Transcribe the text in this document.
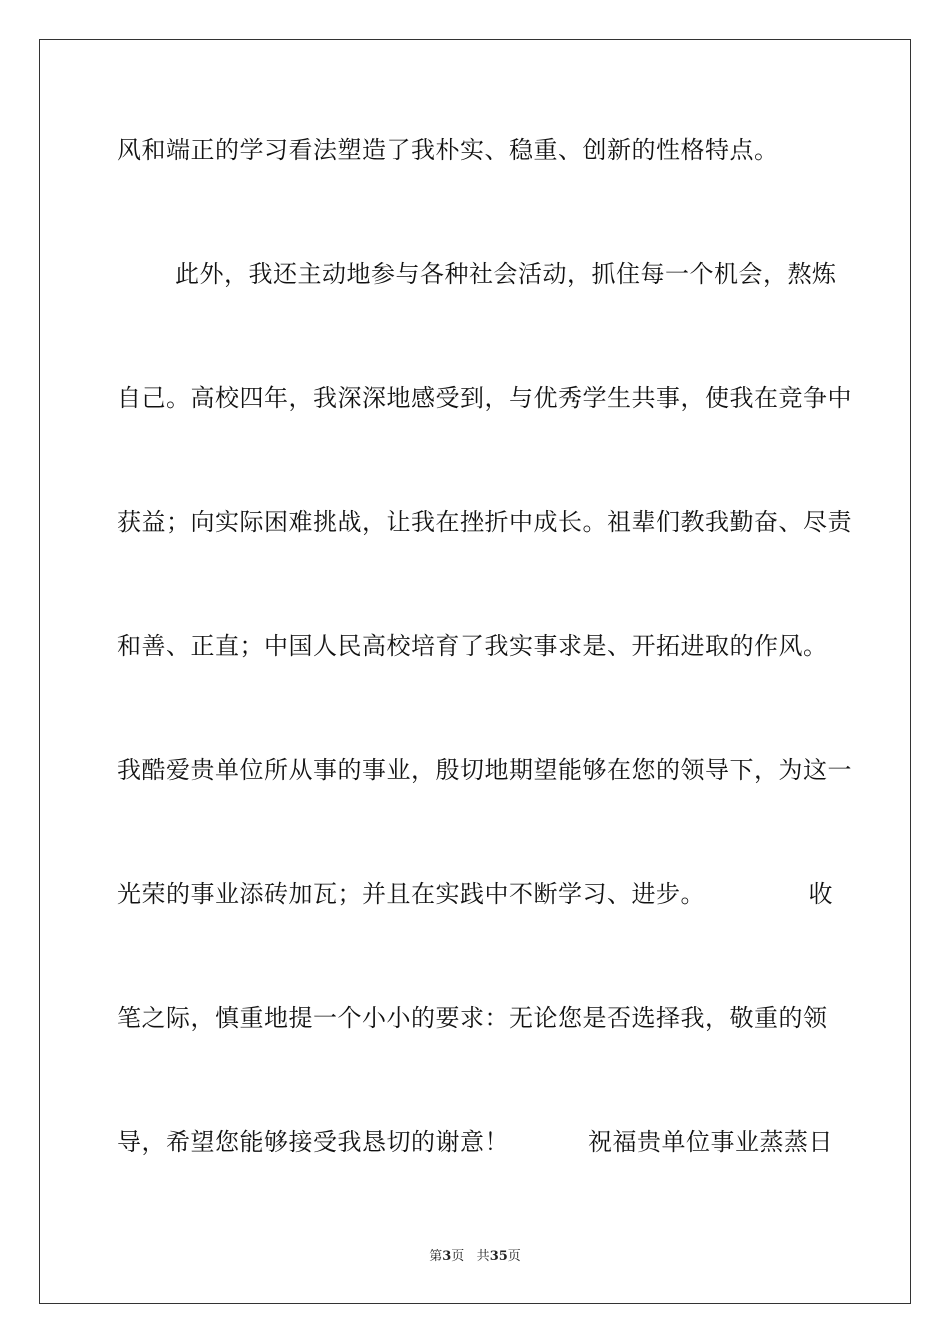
风和端正的学习看法塑造了我朴实、稳重、创新的性格特点。
此外，我还主动地参与各种社会活动，抓住每一个机会，熬炼
自己。高校四年，我深深地感受到，与优秀学生共事，使我在竞争中
获益；向实际困难挑战，让我在挫折中成长。祖辈们教我勤奋、尽责
和善、正直；中国人民高校培育了我实事求是、开拓进取的作风。
我酷爱贵单位所从事的事业，殷切地期望能够在您的领导下，为这一
光荣的事业添砖加瓦；并且在实践中不断学习、进步。	收
笔之际，慎重地提一个小小的要求：无论您是否选择我，敬重的领
导，希望您能够接受我恳切的谢意！	祝福贵单位事业蒸蒸日
第3页 共35页
